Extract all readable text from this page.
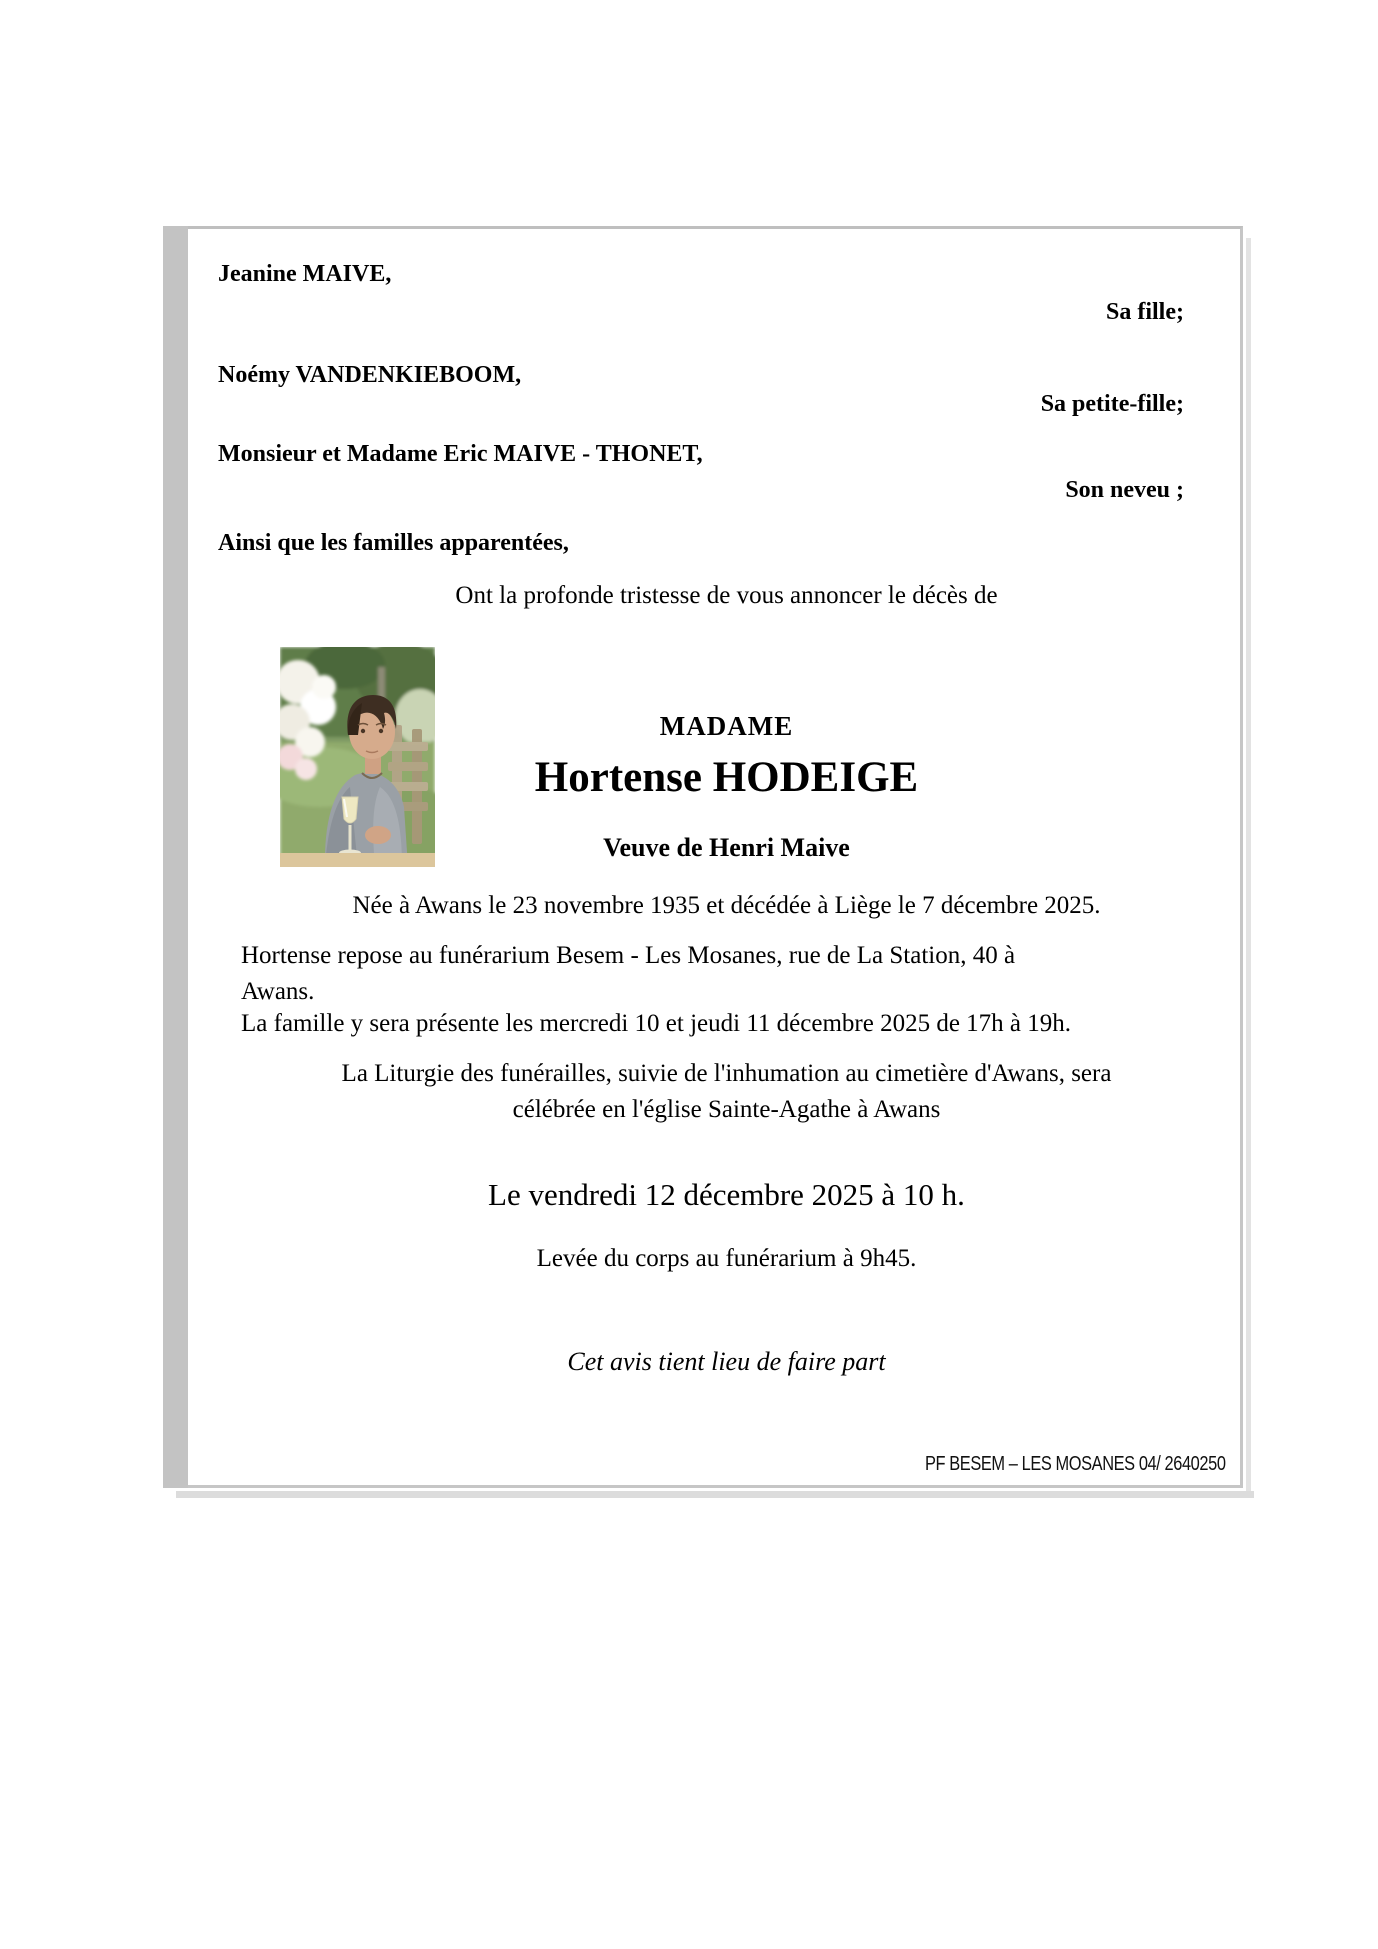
Jeanine MAIVE,
Sa fille;
Noémy VANDENKIEBOOM,
Sa petite-fille;
Monsieur et Madame Eric MAIVE - THONET,
Son neveu ;
Ainsi que les familles apparentées,
Ont la profonde tristesse de vous annoncer le décès de
MADAME
Hortense HODEIGE
Veuve de Henri Maive
Née à Awans le 23 novembre 1935 et décédée à Liège le 7 décembre 2025.
Hortense repose au funérarium Besem - Les Mosanes, rue de La Station, 40 à
Awans.
La famille y sera présente les mercredi 10 et jeudi 11 décembre 2025 de 17h à 19h.
La Liturgie des funérailles, suivie de l'inhumation au cimetière d'Awans, sera
célébrée en l'église Sainte-Agathe à Awans
Le vendredi 12 décembre 2025 à 10 h.
Levée du corps au funérarium à 9h45.
Cet avis tient lieu de faire part
PF BESEM – LES MOSANES 04/ 2640250
